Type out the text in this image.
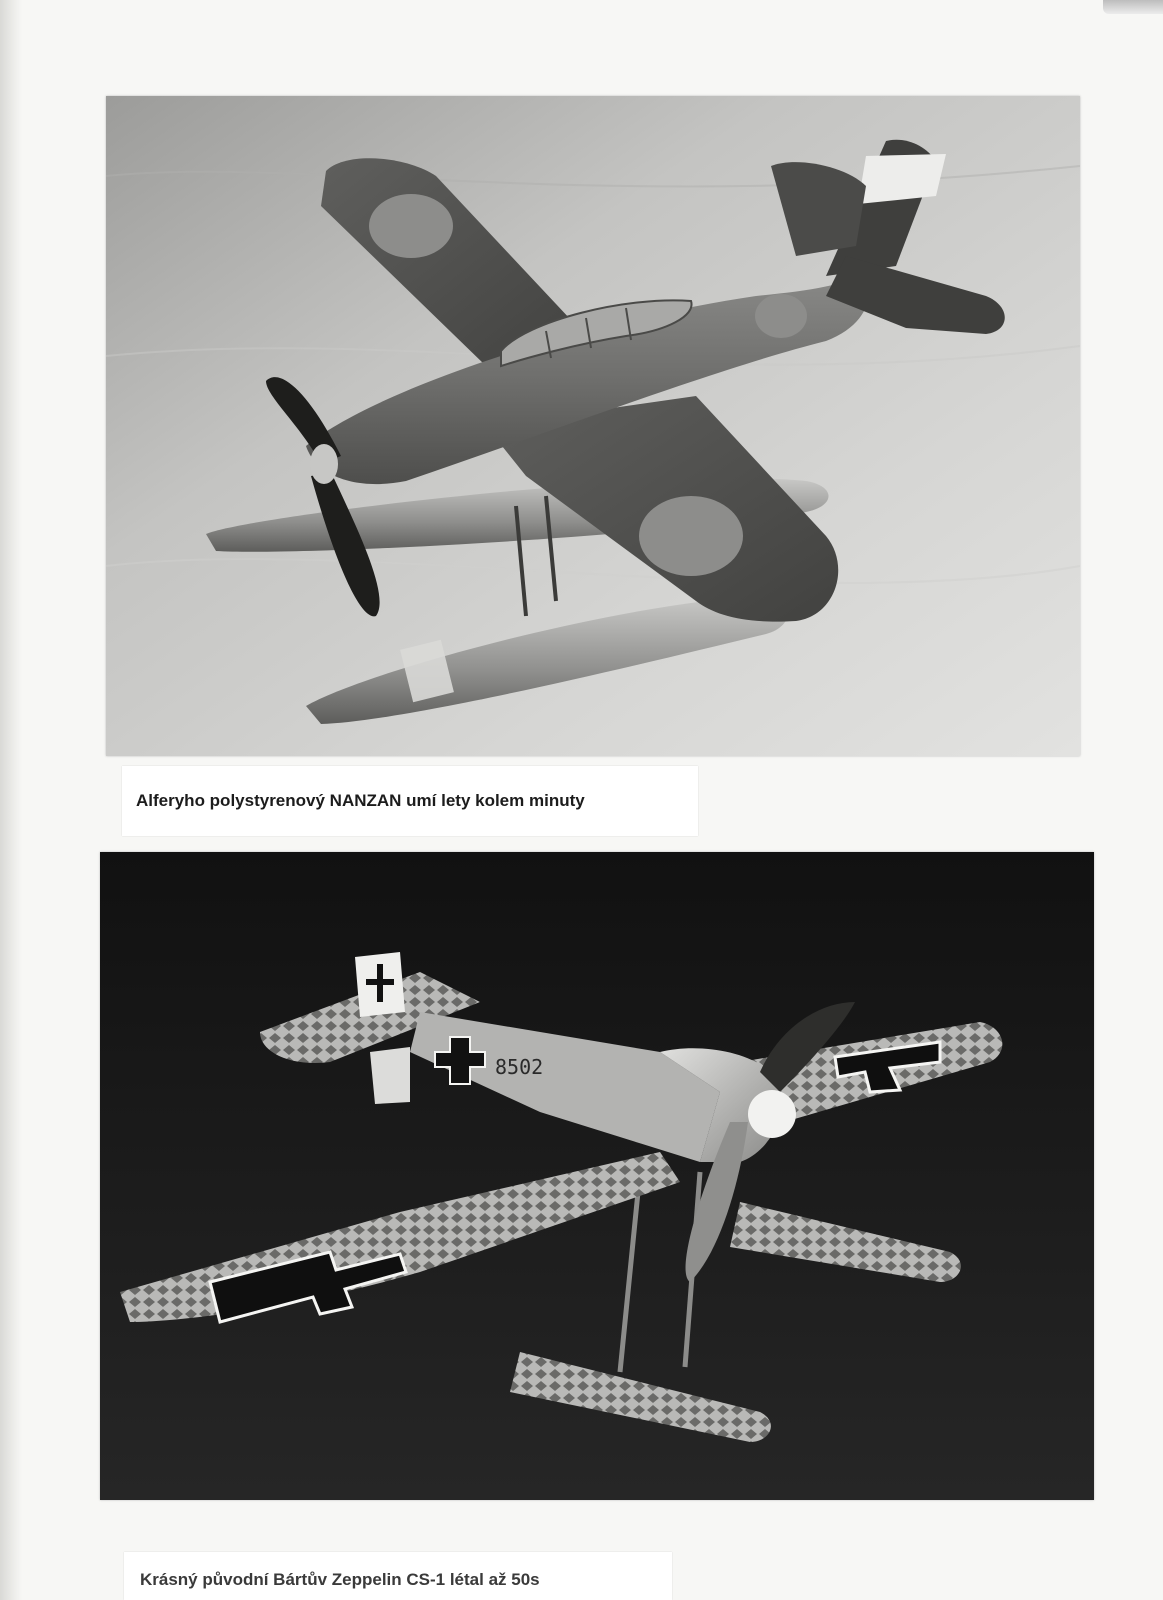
Alferyho polystyrenový NANZAN umí lety kolem minuty
8502
Krásný původní Bártův Zeppelin CS-1 létal až 50s
